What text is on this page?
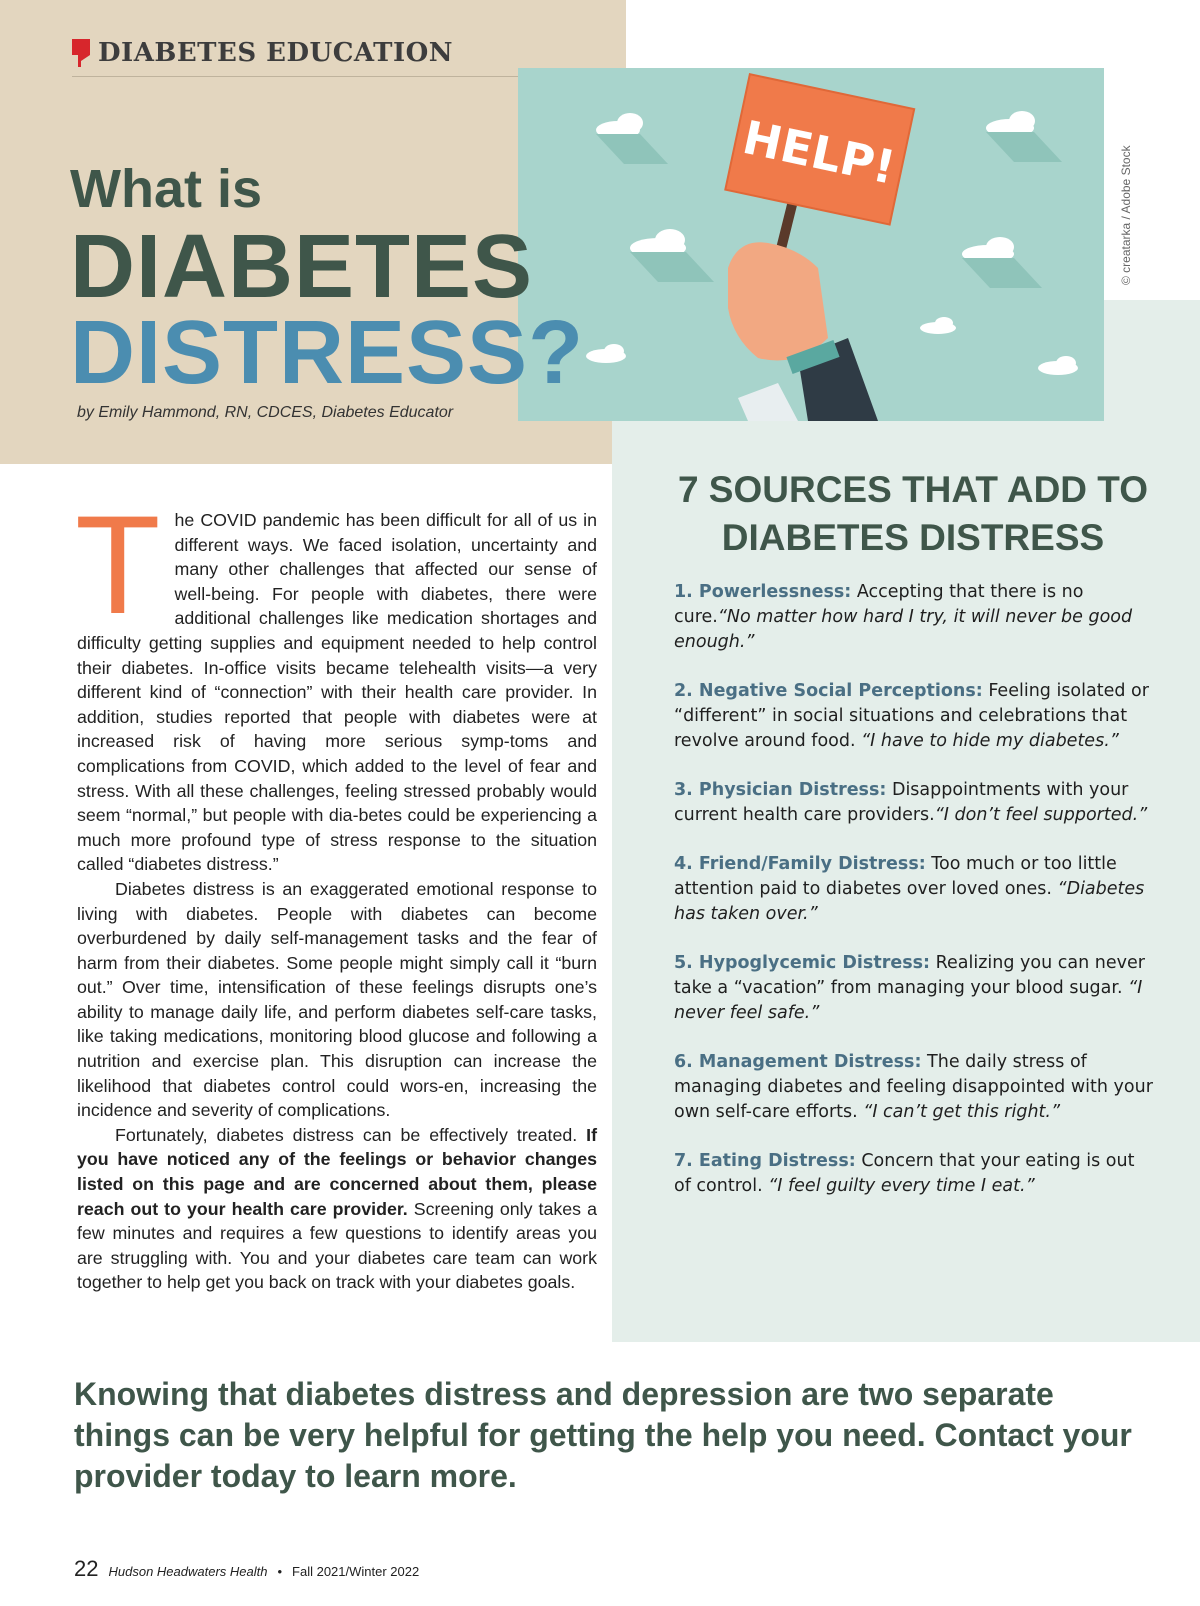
DIABETES EDUCATION
HELP!	© creatarka / Adobe Stock
What is
DIABETES
DISTRESS?
by Emily Hammond, RN, CDCES, Diabetes Educator

The COVID pandemic has been difficult for all of us in different ways. We faced isolation, uncertainty and many other challenges that affected our sense of well-being. For people with diabetes, there were additional challenges like medication shortages and difficulty getting supplies and equipment needed to help control their diabetes. In-office visits became telehealth visits—a very different kind of “connection” with their health care provider. In addition, studies reported that people with diabetes were at increased risk of having more serious symp-toms and complications from COVID, which added to the level of fear and stress. With all these challenges, feeling stressed probably would seem “normal,” but people with dia-betes could be experiencing a much more profound type of stress response to the situation called “diabetes distress.”

Diabetes distress is an exaggerated emotional response to living with diabetes. People with diabetes can become overburdened by daily self-management tasks and the fear of harm from their diabetes. Some people might simply call it “burn out.” Over time, intensification of these feelings disrupts one’s ability to manage daily life, and perform diabetes self-care tasks, like taking medications, monitoring blood glucose and following a nutrition and exercise plan. This disruption can increase the likelihood that diabetes control could wors-en, increasing the incidence and severity of complications.

Fortunately, diabetes distress can be effectively treated. If you have noticed any of the feelings or behavior changes listed on this page and are concerned about them, please reach out to your health care provider. Screening only takes a few minutes and requires a few questions to identify areas you are struggling with. You and your diabetes care team can work together to help get you back on track with your diabetes goals.

7 SOURCES THAT ADD TO DIABETES DISTRESS
1. Powerlessness: Accepting that there is no cure.“No matter how hard I try, it will never be good enough.”
2. Negative Social Perceptions: Feeling isolated or “different” in social situations and celebrations that revolve around food. “I have to hide my diabetes.”
3. Physician Distress: Disappointments with your current health care providers.“I don’t feel supported.”
4. Friend/Family Distress: Too much or too little attention paid to diabetes over loved ones. “Diabetes has taken over.”
5. Hypoglycemic Distress: Realizing you can never take a “vacation” from managing your blood sugar. “I never feel safe.”
6. Management Distress: The daily stress of managing diabetes and feeling disappointed with your own self-care efforts. “I can’t get this right.”
7. Eating Distress: Concern that your eating is out of control. “I feel guilty every time I eat.”
Knowing that diabetes distress and depression are two separate things can be very helpful for getting the help you need. Contact your provider today to learn more.
22 Hudson Headwaters Health • Fall 2021/Winter 2022
